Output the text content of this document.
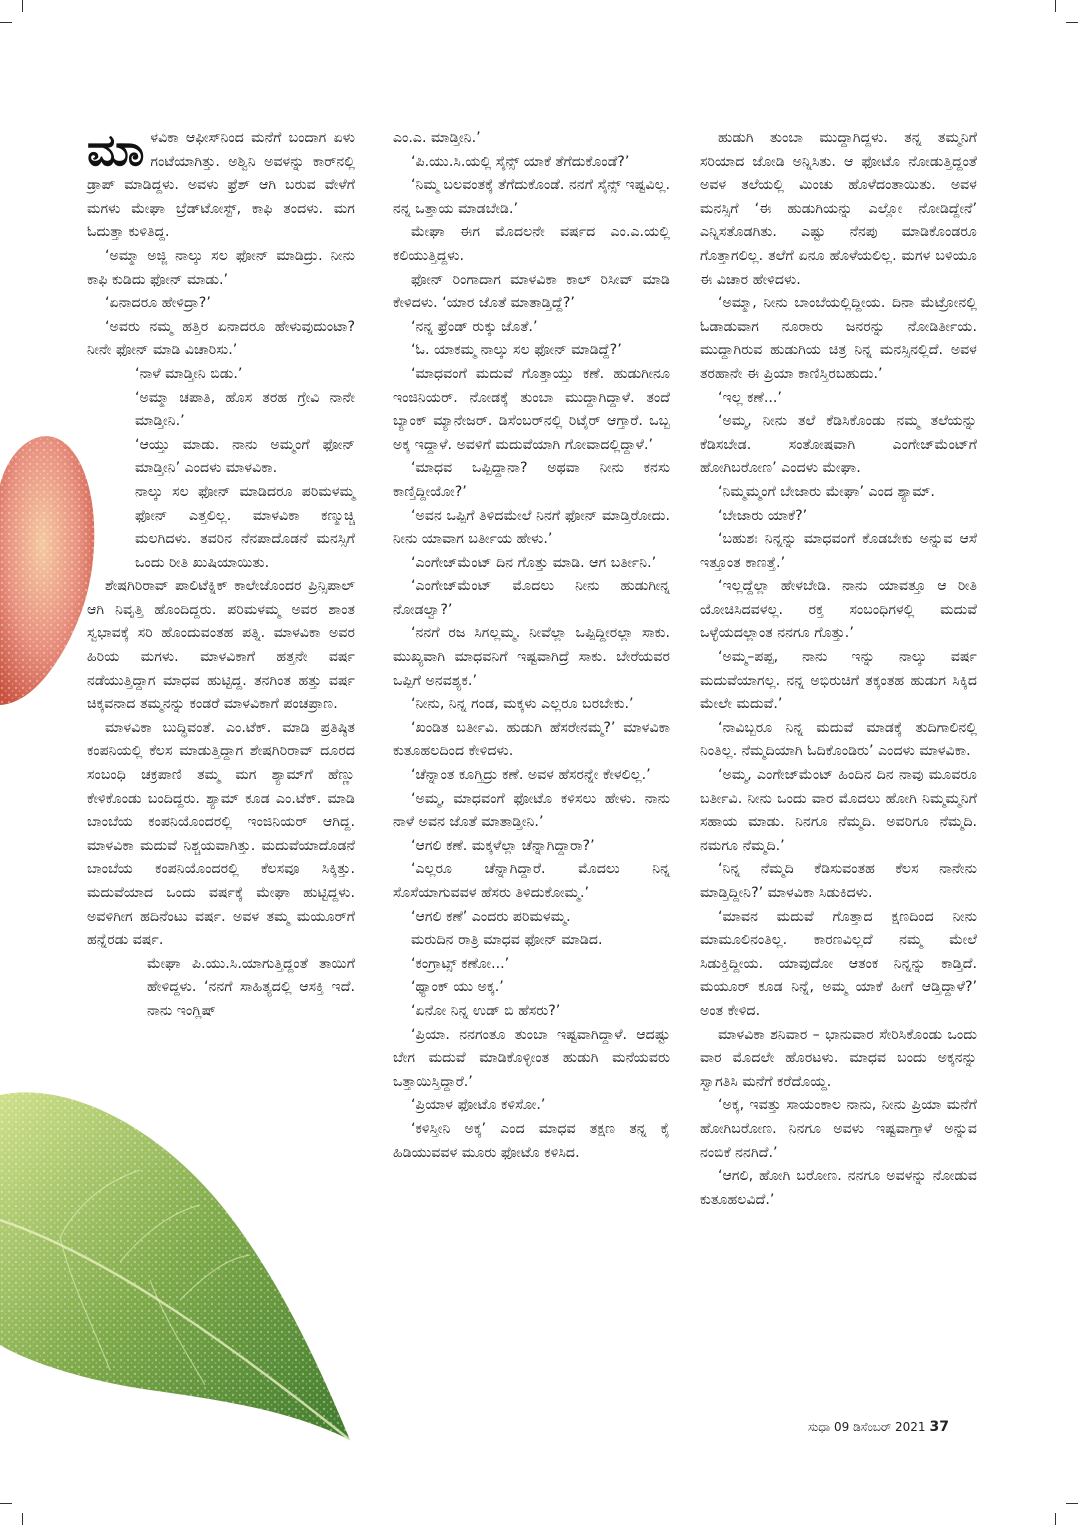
ಮಾಳವಿಕಾ ಆಫೀಸ್‌ನಿಂದ ಮನೆಗೆ ಬಂದಾಗ ಏಳು ಗಂಟೆಯಾಗಿತ್ತು. ಅಶ್ವಿನಿ ಅವಳನ್ನು ಕಾರ್‌ನಲ್ಲಿ ಡ್ರಾಪ್ ಮಾಡಿದ್ದಳು. ಅವಳು ಫ್ರೆಶ್ ಆಗಿ ಬರುವ ವೇಳೆಗೆ ಮಗಳು ಮೇಘಾ ಬ್ರೆಡ್‌ಟೋಸ್ಟ್, ಕಾಫಿ ತಂದಳು. ಮಗ ಓದುತ್ತಾ ಕುಳಿತಿದ್ದ.

‘ಅಮ್ಮಾ ಅಜ್ಜಿ ನಾಲ್ಕು ಸಲ ಫೋನ್ ಮಾಡಿದ್ರು. ನೀನು ಕಾಫಿ ಕುಡಿದು ಫೋನ್ ಮಾಡು.’

‘ಏನಾದರೂ ಹೇಳಿದ್ರಾ?’

‘ಅವರು ನಮ್ಮ ಹತ್ತಿರ ಏನಾದರೂ ಹೇಳುವುದುಂಟಾ? ನೀನೇ ಫೋನ್ ಮಾಡಿ ವಿಚಾರಿಸು.’

‘ನಾಳೆ ಮಾಡ್ತೀನಿ ಬಿಡು.’

‘ಅಮ್ಮಾ ಚಪಾತಿ, ಹೊಸ ತರಹ ಗ್ರೇವಿ ನಾನೇ ಮಾಡ್ತೀನಿ.’

‘ಆಯ್ತು ಮಾಡು. ನಾನು ಅಮ್ಮಂಗೆ ಫೋನ್ ಮಾಡ್ತೀನಿ’ ಎಂದಳು ಮಾಳವಿಕಾ.

ನಾಲ್ಕು ಸಲ ಫೋನ್ ಮಾಡಿದರೂ ಪರಿಮಳಮ್ಮ ಫೋನ್ ಎತ್ತಲಿಲ್ಲ. ಮಾಳವಿಕಾ ಕಣ್ಮುಚ್ಚಿ ಮಲಗಿದಳು. ತವರಿನ ನೆನಪಾದೊಡನೆ ಮನಸ್ಸಿಗೆ ಒಂದು ರೀತಿ ಖುಷಿಯಾಯಿತು.

ಶೇಷಗಿರಿರಾವ್ ಪಾಲಿಟೆಕ್ನಿಕ್ ಕಾಲೇಜೊಂದರ ಪ್ರಿನ್ಸಿಪಾಲ್ ಆಗಿ ನಿವೃತ್ತಿ ಹೊಂದಿದ್ದರು. ಪರಿಮಳಮ್ಮ ಅವರ ಶಾಂತ ಸ್ವಭಾವಕ್ಕೆ ಸರಿ ಹೊಂದುವಂತಹ ಪತ್ನಿ. ಮಾಳವಿಕಾ ಅವರ ಹಿರಿಯ ಮಗಳು. ಮಾಳವಿಕಾಗೆ ಹತ್ತನೇ ವರ್ಷ ನಡೆಯುತ್ತಿದ್ದಾಗ ಮಾಧವ ಹುಟ್ಟಿದ್ದ. ತನಗಿಂತ ಹತ್ತು ವರ್ಷ ಚಿಕ್ಕವನಾದ ತಮ್ಮನನ್ನು ಕಂಡರೆ ಮಾಳವಿಕಾಗೆ ಪಂಚಪ್ರಾಣ.

ಮಾಳವಿಕಾ ಬುದ್ಧಿವಂತೆ. ಎಂ.ಟೆಕ್. ಮಾಡಿ ಪ್ರತಿಷ್ಠಿತ ಕಂಪನಿಯಲ್ಲಿ ಕೆಲಸ ಮಾಡುತ್ತಿದ್ದಾಗ ಶೇಷಗಿರಿರಾವ್ ದೂರದ ಸಂಬಂಧಿ ಚಕ್ರಪಾಣಿ ತಮ್ಮ ಮಗ ಶ್ಯಾಮ್‌ಗೆ ಹೆಣ್ಣು ಕೇಳಿಕೊಂಡು ಬಂದಿದ್ದರು. ಶ್ಯಾಮ್ ಕೂಡ ಎಂ.ಟೆಕ್. ಮಾಡಿ ಬಾಂಬೆಯ ಕಂಪನಿಯೊಂದರಲ್ಲಿ ಇಂಜಿನಿಯರ್ ಆಗಿದ್ದ. ಮಾಳವಿಕಾ ಮದುವೆ ನಿಶ್ಚಯವಾಗಿತ್ತು. ಮದುವೆಯಾದೊಡನೆ ಬಾಂಬೆಯ ಕಂಪನಿಯೊಂದರಲ್ಲಿ ಕೆಲಸವೂ ಸಿಕ್ಕಿತ್ತು. ಮದುವೆಯಾದ ಒಂದು ವರ್ಷಕ್ಕೆ ಮೇಘಾ ಹುಟ್ಟಿದ್ದಳು. ಅವಳಿಗೀಗ ಹದಿನೆಂಟು ವರ್ಷ. ಅವಳ ತಮ್ಮ ಮಯೂರ್‌ಗೆ ಹನ್ನೆರಡು ವರ್ಷ.

ಮೇಘಾ ಪಿ.ಯು.ಸಿ.ಯಾಗುತ್ತಿದ್ದಂತೆ ತಾಯಿಗೆ ಹೇಳಿದ್ದಳು. ‘ನನಗೆ ಸಾಹಿತ್ಯದಲ್ಲಿ ಆಸಕ್ತಿ ಇದೆ. ನಾನು ಇಂಗ್ಲಿಷ್

ಎಂ.ಎ. ಮಾಡ್ತೀನಿ.’

‘ಪಿ.ಯು.ಸಿ.ಯಲ್ಲಿ ಸೈನ್ಸ್ ಯಾಕೆ ತೆಗೆದುಕೊಂಡೆ?’

‘ನಿಮ್ಮ ಬಲವಂತಕ್ಕೆ ತೆಗೆದುಕೊಂಡೆ. ನನಗೆ ಸೈನ್ಸ್ ಇಷ್ಟವಿಲ್ಲ. ನನ್ನ ಒತ್ತಾಯ ಮಾಡಬೇಡಿ.’

ಮೇಘಾ ಈಗ ಮೊದಲನೇ ವರ್ಷದ ಎಂ.ಎ.ಯಲ್ಲಿ ಕಲಿಯುತ್ತಿದ್ದಳು.

ಫೋನ್ ರಿಂಗಾದಾಗ ಮಾಳವಿಕಾ ಕಾಲ್ ರಿಸೀವ್ ಮಾಡಿ ಕೇಳಿದಳು. ‘ಯಾರ ಜೊತೆ ಮಾತಾಡ್ತಿದ್ದೆ?’

‘ನನ್ನ ಫ್ರೆಂಡ್ ರುಕ್ಕು ಜೊತೆ.’

‘ಓ. ಯಾಕಮ್ಮ ನಾಲ್ಕು ಸಲ ಫೋನ್ ಮಾಡಿದ್ದೆ?’

‘ಮಾಧವಂಗೆ ಮದುವೆ ಗೊತ್ತಾಯ್ತು ಕಣೆ. ಹುಡುಗೀನೂ ಇಂಜಿನಿಯರ್. ನೋಡಕ್ಕೆ ತುಂಬಾ ಮುದ್ದಾಗಿದ್ದಾಳೆ. ತಂದೆ ಬ್ಯಾಂಕ್ ಮ್ಯಾನೇಜರ್. ಡಿಸೆಂಬರ್‌ನಲ್ಲಿ ರಿಟೈರ್ ಆಗ್ತಾರೆ. ಒಬ್ಬ ಅಕ್ಕ ಇದ್ದಾಳೆ. ಅವಳಿಗೆ ಮದುವೆಯಾಗಿ ಗೋವಾದಲ್ಲಿದ್ದಾಳೆ.’

‘ಮಾಧವ ಒಪ್ಪಿದ್ದಾನಾ? ಅಥವಾ ನೀನು ಕನಸು ಕಾಣ್ತಿದ್ದೀಯೋ?’

‘ಅವನ ಒಪ್ಪಿಗೆ ತಿಳಿದಮೇಲೆ ನಿನಗೆ ಫೋನ್ ಮಾಡ್ತಿರೋದು. ನೀನು ಯಾವಾಗ ಬರ್ತೀಯ ಹೇಳು.’

‘ಎಂಗೇಜ್‌ಮೆಂಟ್ ದಿನ ಗೊತ್ತು ಮಾಡಿ. ಆಗ ಬರ್ತೀನಿ.’

‘ಎಂಗೇಜ್‌ಮೆಂಟ್ ಮೊದಲು ನೀನು ಹುಡುಗೀನ್ನ ನೋಡಲ್ವಾ?’

‘ನನಗೆ ರಜ ಸಿಗಲ್ಲಮ್ಮ. ನೀವೆಲ್ಲಾ ಒಪ್ಪಿದ್ದೀರಲ್ಲಾ ಸಾಕು. ಮುಖ್ಯವಾಗಿ ಮಾಧವನಿಗೆ ಇಷ್ಟವಾಗಿದ್ರೆ ಸಾಕು. ಬೇರೆಯವರ ಒಪ್ಪಿಗೆ ಅನವಶ್ಯಕ.’

‘ನೀನು, ನಿನ್ನ ಗಂಡ, ಮಕ್ಕಳು ಎಲ್ಲರೂ ಬರಬೇಕು.’

‘ಖಂಡಿತ ಬರ್ತೀವಿ. ಹುಡುಗಿ ಹೆಸರೇನಮ್ಮ?’ ಮಾಳವಿಕಾ ಕುತೂಹಲದಿಂದ ಕೇಳಿದಳು.

‘ಚೆನ್ನಾಂತ ಕೂಗ್ತಿದ್ರು ಕಣೆ. ಅವಳ ಹೆಸರನ್ನೇ ಕೇಳಲಿಲ್ಲ.’

‘ಅಮ್ಮ, ಮಾಧವಂಗೆ ಫೋಟೊ ಕಳಿಸಲು ಹೇಳು. ನಾನು ನಾಳೆ ಅವನ ಜೊತೆ ಮಾತಾಡ್ತೀನಿ.’

‘ಆಗಲಿ ಕಣೆ. ಮಕ್ಕಳೆಲ್ಲಾ ಚೆನ್ನಾಗಿದ್ದಾರಾ?’

‘ಎಲ್ಲರೂ ಚೆನ್ನಾಗಿದ್ದಾರೆ. ಮೊದಲು ನಿನ್ನ ಸೊಸೆಯಾಗುವವಳ ಹೆಸರು ತಿಳಿದುಕೋಮ್ಮ.’

‘ಆಗಲಿ ಕಣೆ’ ಎಂದರು ಪರಿಮಳಮ್ಮ.

ಮರುದಿನ ರಾತ್ರಿ ಮಾಧವ ಫೋನ್ ಮಾಡಿದ.

‘ಕಂಗ್ರಾಟ್ಸ್ ಕಣೋ...’

‘ಥ್ಯಾಂಕ್ ಯು ಅಕ್ಕ.’

‘ಏನೋ ನಿನ್ನ ಉಡ್ ಬಿ ಹೆಸರು?’

‘ಪ್ರಿಯಾ. ನನಗಂತೂ ತುಂಬಾ ಇಷ್ಟವಾಗಿದ್ದಾಳೆ. ಆದಷ್ಟು ಬೇಗ ಮದುವೆ ಮಾಡಿಕೊಳ್ಳೀಂತ ಹುಡುಗಿ ಮನೆಯವರು ಒತ್ತಾಯಿಸ್ತಿದ್ದಾರೆ.’

‘ಪ್ರಿಯಾಳ ಫೋಟೊ ಕಳಿಸೋ.’

‘ಕಳಿಸ್ತೀನಿ ಅಕ್ಕ’ ಎಂದ ಮಾಧವ ತಕ್ಷಣ ತನ್ನ ಕೈ ಹಿಡಿಯುವವಳ ಮೂರು ಫೋಟೊ ಕಳಿಸಿದ.

ಹುಡುಗಿ ತುಂಬಾ ಮುದ್ದಾಗಿದ್ದಳು. ತನ್ನ ತಮ್ಮನಿಗೆ ಸರಿಯಾದ ಜೋಡಿ ಅನ್ನಿಸಿತು. ಆ ಫೋಟೊ ನೋಡುತ್ತಿದ್ದಂತೆ ಅವಳ ತಲೆಯಲ್ಲಿ ಮಿಂಚು ಹೊಳೆದಂತಾಯಿತು. ಅವಳ ಮನಸ್ಸಿಗೆ ‘ಈ ಹುಡುಗಿಯನ್ನು ಎಲ್ಲೋ ನೋಡಿದ್ದೇನೆ’ ಎನ್ನಿಸತೊಡಗಿತು. ಎಷ್ಟು ನೆನಪು ಮಾಡಿಕೊಂಡರೂ ಗೊತ್ತಾಗಲಿಲ್ಲ. ತಲೆಗೆ ಏನೂ ಹೊಳೆಯಲಿಲ್ಲ. ಮಗಳ ಬಳಿಯೂ ಈ ವಿಚಾರ ಹೇಳಿದಳು.

‘ಅಮ್ಮಾ, ನೀನು ಬಾಂಬೆಯಲ್ಲಿದ್ದೀಯ. ದಿನಾ ಮೆಟ್ರೋನಲ್ಲಿ ಓಡಾಡುವಾಗ ನೂರಾರು ಜನರನ್ನು ನೋಡಿರ್ತೀಯ. ಮುದ್ದಾಗಿರುವ ಹುಡುಗಿಯ ಚಿತ್ರ ನಿನ್ನ ಮನಸ್ಸಿನಲ್ಲಿದೆ. ಅವಳ ತರಹಾನೇ ಈ ಪ್ರಿಯಾ ಕಾಣಿಸ್ತಿರಬಹುದು.’

‘ಇಲ್ಲ ಕಣೆ...’

‘ಅಮ್ಮ, ನೀನು ತಲೆ ಕೆಡಿಸಿಕೊಂಡು ನಮ್ಮ ತಲೆಯನ್ನು ಕೆಡಿಸಬೇಡ. ಸಂತೋಷವಾಗಿ ಎಂಗೇಜ್‌ಮೆಂಟ್‌ಗೆ ಹೋಗಿಬರೋಣ’ ಎಂದಳು ಮೇಘಾ.

‘ನಿಮ್ಮಮ್ಮಂಗೆ ಬೇಜಾರು ಮೇಘಾ’ ಎಂದ ಶ್ಯಾಮ್.

‘ಬೇಜಾರು ಯಾಕೆ?’

‘ಬಹುಶಃ ನಿನ್ನನ್ನು ಮಾಧವಂಗೆ ಕೊಡಬೇಕು ಅನ್ನುವ ಆಸೆ ಇತ್ತೂಂತ ಕಾಣತ್ತೆ.’

‘ಇಲ್ಲದ್ದೆಲ್ಲಾ ಹೇಳಬೇಡಿ. ನಾನು ಯಾವತ್ತೂ ಆ ರೀತಿ ಯೋಚಿಸಿದವಳಲ್ಲ. ರಕ್ತ ಸಂಬಂಧಿಗಳಲ್ಲಿ ಮದುವೆ ಒಳ್ಳೆಯದಲ್ಲಾಂತ ನನಗೂ ಗೊತ್ತು.’

‘ಅಮ್ಮ–ಪಪ್ಪ, ನಾನು ಇನ್ನು ನಾಲ್ಕು ವರ್ಷ ಮದುವೆಯಾಗಲ್ಲ. ನನ್ನ ಅಭಿರುಚಿಗೆ ತಕ್ಕಂತಹ ಹುಡುಗ ಸಿಕ್ಕಿದ ಮೇಲೇ ಮದುವೆ.’

‘ನಾವಿಬ್ಬರೂ ನಿನ್ನ ಮದುವೆ ಮಾಡಕ್ಕೆ ತುದಿಗಾಲಿನಲ್ಲಿ ನಿಂತಿಲ್ಲ. ನೆಮ್ಮದಿಯಾಗಿ ಓದಿಕೊಂಡಿರು’ ಎಂದಳು ಮಾಳವಿಕಾ.

‘ಅಮ್ಮ, ಎಂಗೇಜ್‌ಮೆಂಟ್ ಹಿಂದಿನ ದಿನ ನಾವು ಮೂವರೂ ಬರ್ತೀವಿ. ನೀನು ಒಂದು ವಾರ ಮೊದಲು ಹೋಗಿ ನಿಮ್ಮಮ್ಮನಿಗೆ ಸಹಾಯ ಮಾಡು. ನಿನಗೂ ನೆಮ್ಮದಿ. ಅವರಿಗೂ ನೆಮ್ಮದಿ. ನಮಗೂ ನೆಮ್ಮದಿ.’

‘ನಿನ್ನ ನೆಮ್ಮದಿ ಕೆಡಿಸುವಂತಹ ಕೆಲಸ ನಾನೇನು ಮಾಡ್ತಿದ್ದೀನಿ?’ ಮಾಳವಿಕಾ ಸಿಡುಕಿದಳು.

‘ಮಾವನ ಮದುವೆ ಗೊತ್ತಾದ ಕ್ಷಣದಿಂದ ನೀನು ಮಾಮೂಲಿನಂತಿಲ್ಲ. ಕಾರಣವಿಲ್ಲದೆ ನಮ್ಮ ಮೇಲೆ ಸಿಡುಕ್ತಿದ್ದೀಯ. ಯಾವುದೋ ಆತಂಕ ನಿನ್ನನ್ನು ಕಾಡ್ತಿದೆ. ಮಯೂರ್ ಕೂಡ ನಿನ್ನೆ, ಅಮ್ಮ ಯಾಕೆ ಹೀಗೆ ಆಡ್ತಿದ್ದಾಳೆ?’ ಅಂತ ಕೇಳಿದ.

ಮಾಳವಿಕಾ ಶನಿವಾರ – ಭಾನುವಾರ ಸೇರಿಸಿಕೊಂಡು ಒಂದು ವಾರ ಮೊದಲೇ ಹೊರಟಳು. ಮಾಧವ ಬಂದು ಅಕ್ಕನನ್ನು ಸ್ವಾಗತಿಸಿ ಮನೆಗೆ ಕರೆದೊಯ್ದ.

‘ಅಕ್ಕ, ಇವತ್ತು ಸಾಯಂಕಾಲ ನಾನು, ನೀನು ಪ್ರಿಯಾ ಮನೆಗೆ ಹೋಗಿಬರೋಣ. ನಿನಗೂ ಅವಳು ಇಷ್ಟವಾಗ್ತಾಳೆ ಅನ್ನುವ ನಂಬಿಕೆ ನನಗಿದೆ.’

‘ಆಗಲಿ, ಹೋಗಿ ಬರೋಣ. ನನಗೂ ಅವಳನ್ನು ನೋಡುವ ಕುತೂಹಲವಿದೆ.’

ಸುಧಾ 09 ಡಿಸೆಂಬರ್ 2021 37
